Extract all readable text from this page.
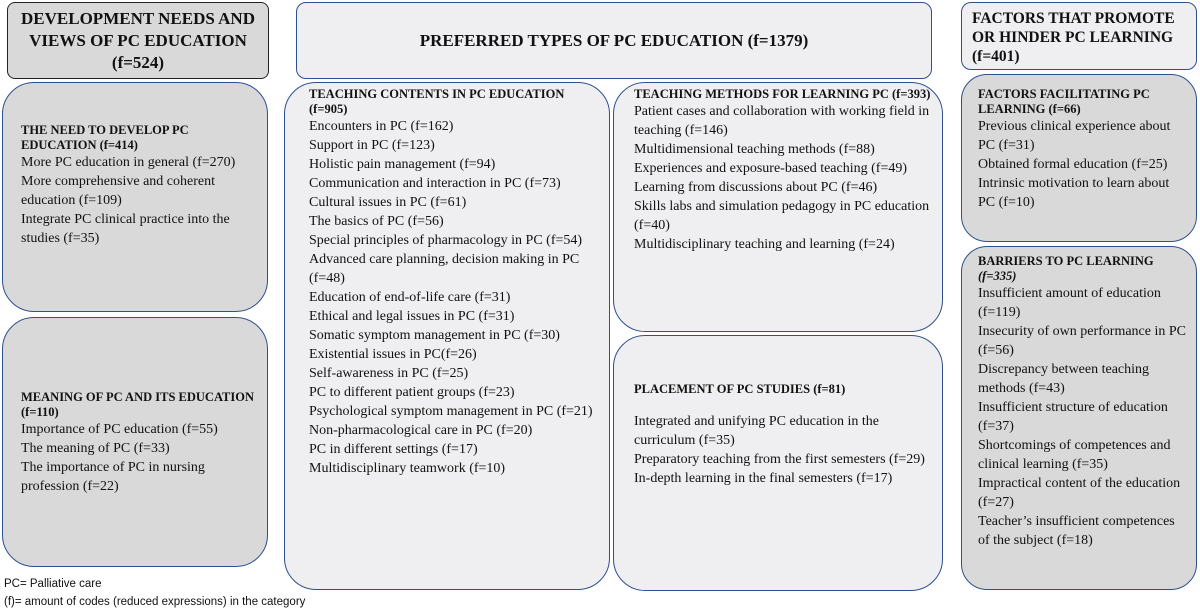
DEVELOPMENT NEEDS AND VIEWS OF PC EDUCATION (f=524)

THE NEED TO DEVELOP PC EDUCATION (f=414)

More PC education in general (f=270)
More comprehensive and coherent education (f=109)
Integrate PC clinical practice into the studies (f=35)

MEANING OF PC AND ITS EDUCATION (f=110)

Importance of PC education (f=55)
The meaning of PC (f=33)
The importance of PC in nursing profession (f=22)
PREFERRED TYPES OF PC EDUCATION (f=1379)

TEACHING CONTENTS IN PC EDUCATION (f=905)

Encounters in PC (f=162)
Support in PC (f=123)
Holistic pain management (f=94)
Communication and interaction in PC (f=73)
Cultural issues in PC (f=61)
The basics of PC (f=56)
Special principles of pharmacology in PC (f=54)
Advanced care planning, decision making in PC (f=48)
Education of end-of-life care (f=31)
Ethical and legal issues in PC (f=31)
Somatic symptom management in PC (f=30)
Existential issues in PC(f=26)
Self-awareness in PC (f=25)
PC to different patient groups (f=23)
Psychological symptom management in PC (f=21)
Non-pharmacological care in PC (f=20)
PC in different settings (f=17)
Multidisciplinary teamwork (f=10)

TEACHING METHODS FOR LEARNING PC (f=393)

Patient cases and collaboration with working field in teaching (f=146)
Multidimensional teaching methods (f=88)
Experiences and exposure-based teaching (f=49)
Learning from discussions about PC (f=46)
Skills labs and simulation pedagogy in PC education (f=40)
Multidisciplinary teaching and learning (f=24)

PLACEMENT OF PC STUDIES (f=81)

Integrated and unifying PC education in the curriculum (f=35)
Preparatory teaching from the first semesters (f=29)
In-depth learning in the final semesters (f=17)
FACTORS THAT PROMOTE OR HINDER PC LEARNING (f=401)

FACTORS FACILITATING PC LEARNING (f=66)

Previous clinical experience about PC (f=31)
Obtained formal education (f=25)
Intrinsic motivation to learn about PC (f=10)

BARRIERS TO PC LEARNING (f=335)

Insufficient amount of education (f=119)
Insecurity of own performance in PC (f=56)
Discrepancy between teaching methods (f=43)
Insufficient structure of education (f=37)
Shortcomings of competences and clinical learning (f=35)
Impractical content of the education (f=27)
Teacher’s insufficient competences of the subject (f=18)
PC= Palliative care
(f)= amount of codes (reduced expressions) in the category
